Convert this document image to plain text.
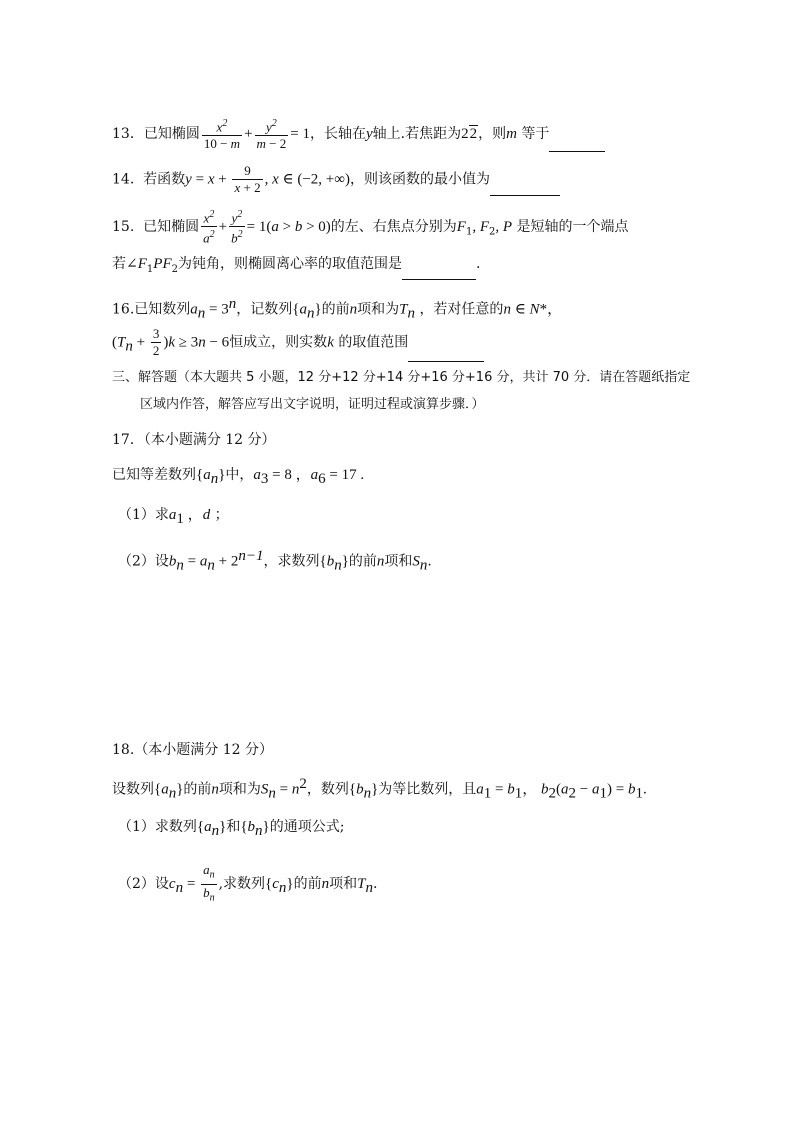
13．已知椭圆 $\frac{x^2}{10 - m} + \frac{y^2}{m - 2} = 1$，长轴在y轴上.若焦距为22，则m 等于
14. 若函数$y = x + \frac{9}{x + 2}$ , x ∈ (−2, +∞)，则该函数的最小值为
15. 已知椭圆 $\frac{x^2}{a^2} + \frac{y^2}{b^2} = 1(a > b > 0)$的左、右焦点分别为$F_1$, $F_2$, P 是短轴的一个端点
若$\angle F_1PF_2$为钝角，则椭圆离心率的取值范围是	.
16.已知数列$a_n = 3^n$，记数列$\{a_n\}$的前n项和为$T_n$ ，若对任意的n ∈ N*，
$(T_n + \frac{3}{2} )k \ge 3n - 6$恒成立，则实数k 的取值范围
三、解答题（本大题共 5 小题，12 分+12 分+14 分+16 分+16 分，共计 70 分．请在答题纸指定
区域内作答，解答应写出文字说明，证明过程或演算步骤．）
17．（本小题满分 12 分）
已知等差数列$\{a_n\}$中，$a_3 = 8$ ，$a_6 = 17$ .
（1）求$a_1$ ，d ；
（2）设$b_n = a_n + 2^{n-1}$，求数列$\{b_n\}$的前n项和$S_n$.
18.（本小题满分 12 分）
设数列$\{a_n\}$的前n项和为$S_n = n^2$，数列$\{b_n\}$为等比数列，且$a_1 = b_1$， $b_2(a_2 - a_1) = b_1$.
（1）求数列$\{a_n\}$和$\{b_n\}$的通项公式;
（2）设$c_n = \frac{a_n}{b_n}$ ,求数列$\{c_n\}$的前n项和$T_n$.
